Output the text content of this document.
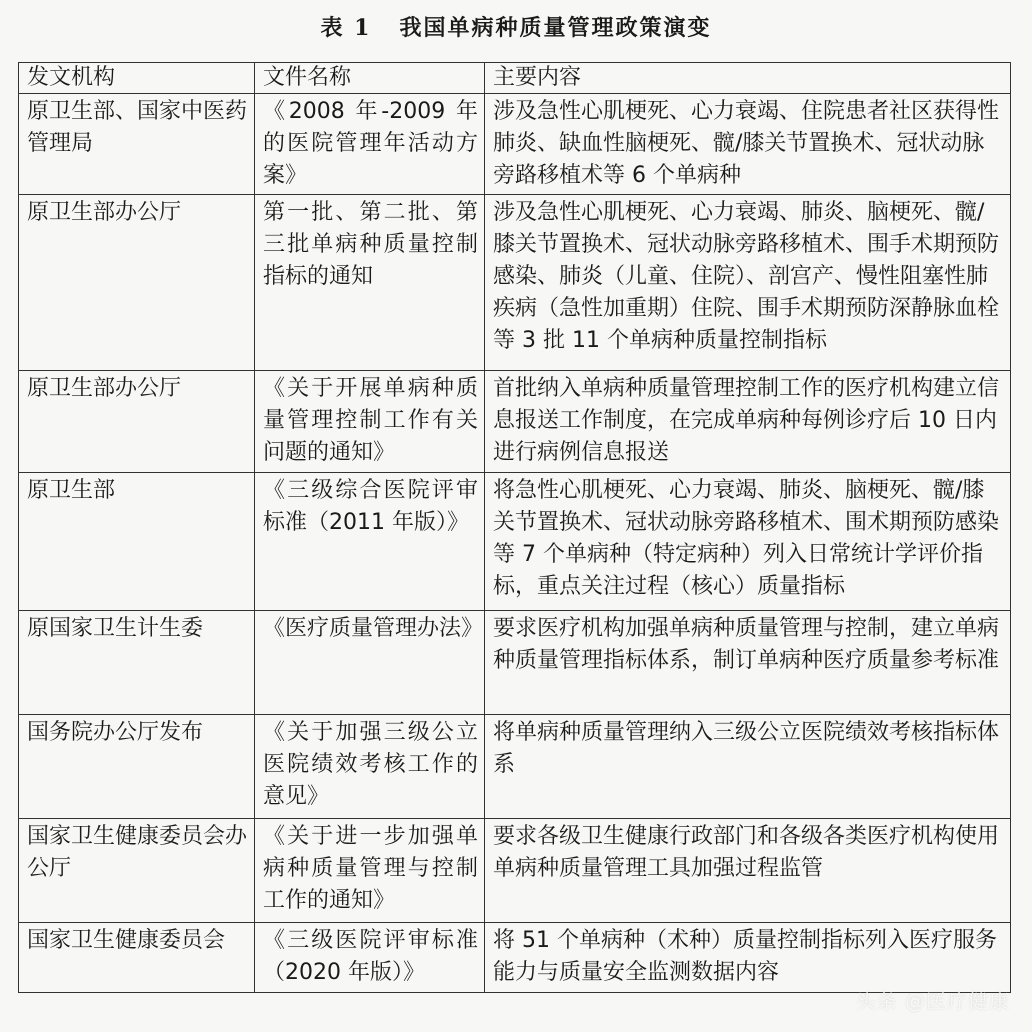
表 1 我国单病种质量管理政策演变
发文机构	文件名称	主要内容
原卫生部、国家中医药管理局	《2008 年-2009 年的医院管理年活动方案》	涉及急性心肌梗死、心力衰竭、住院患者社区获得性肺炎、缺血性脑梗死、髋/膝关节置换术、冠状动脉旁路移植术等 6 个单病种
原卫生部办公厅	第一批、第二批、第三批单病种质量控制指标的通知	涉及急性心肌梗死、心力衰竭、肺炎、脑梗死、髋/膝关节置换术、冠状动脉旁路移植术、围手术期预防感染、肺炎（儿童、住院）、剖宫产、慢性阻塞性肺疾病（急性加重期）住院、围手术期预防深静脉血栓等 3 批 11 个单病种质量控制指标
原卫生部办公厅	《关于开展单病种质量管理控制工作有关问题的通知》	首批纳入单病种质量管理控制工作的医疗机构建立信息报送工作制度，在完成单病种每例诊疗后 10 日内进行病例信息报送
原卫生部	《三级综合医院评审标准（2011 年版）》	将急性心肌梗死、心力衰竭、肺炎、脑梗死、髋/膝关节置换术、冠状动脉旁路移植术、围术期预防感染等 7 个单病种（特定病种）列入日常统计学评价指标，重点关注过程（核心）质量指标
原国家卫生计生委	《医疗质量管理办法》	要求医疗机构加强单病种质量管理与控制，建立单病种质量管理指标体系，制订单病种医疗质量参考标准
国务院办公厅发布	《关于加强三级公立医院绩效考核工作的意见》	将单病种质量管理纳入三级公立医院绩效考核指标体系
国家卫生健康委员会办公厅	《关于进一步加强单病种质量管理与控制工作的通知》	要求各级卫生健康行政部门和各级各类医疗机构使用单病种质量管理工具加强过程监管
国家卫生健康委员会	《三级医院评审标准（2020 年版）》	将 51 个单病种（术种）质量控制指标列入医疗服务能力与质量安全监测数据内容
头条 @医疗健康
